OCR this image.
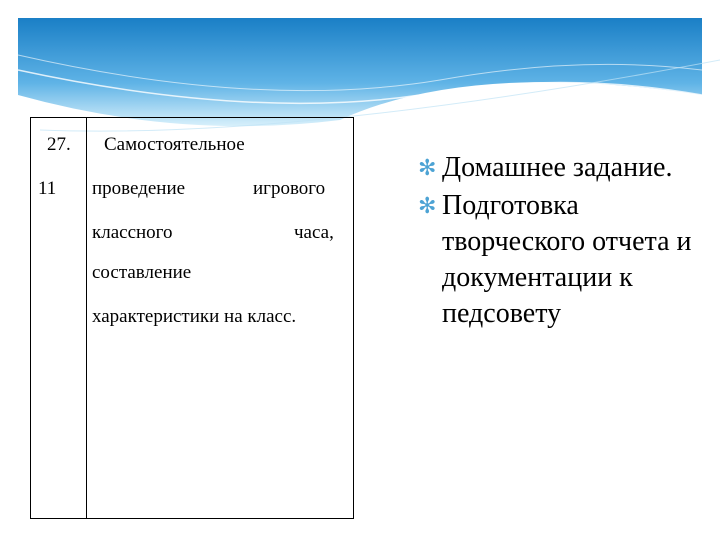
27.
11
Самостоятельное
проведение	игрового
классного	часа,
составление
характеристики на класс.
✻ Домашнее задание.
✻ Подготовка творческого отчета и документации к педсовету
